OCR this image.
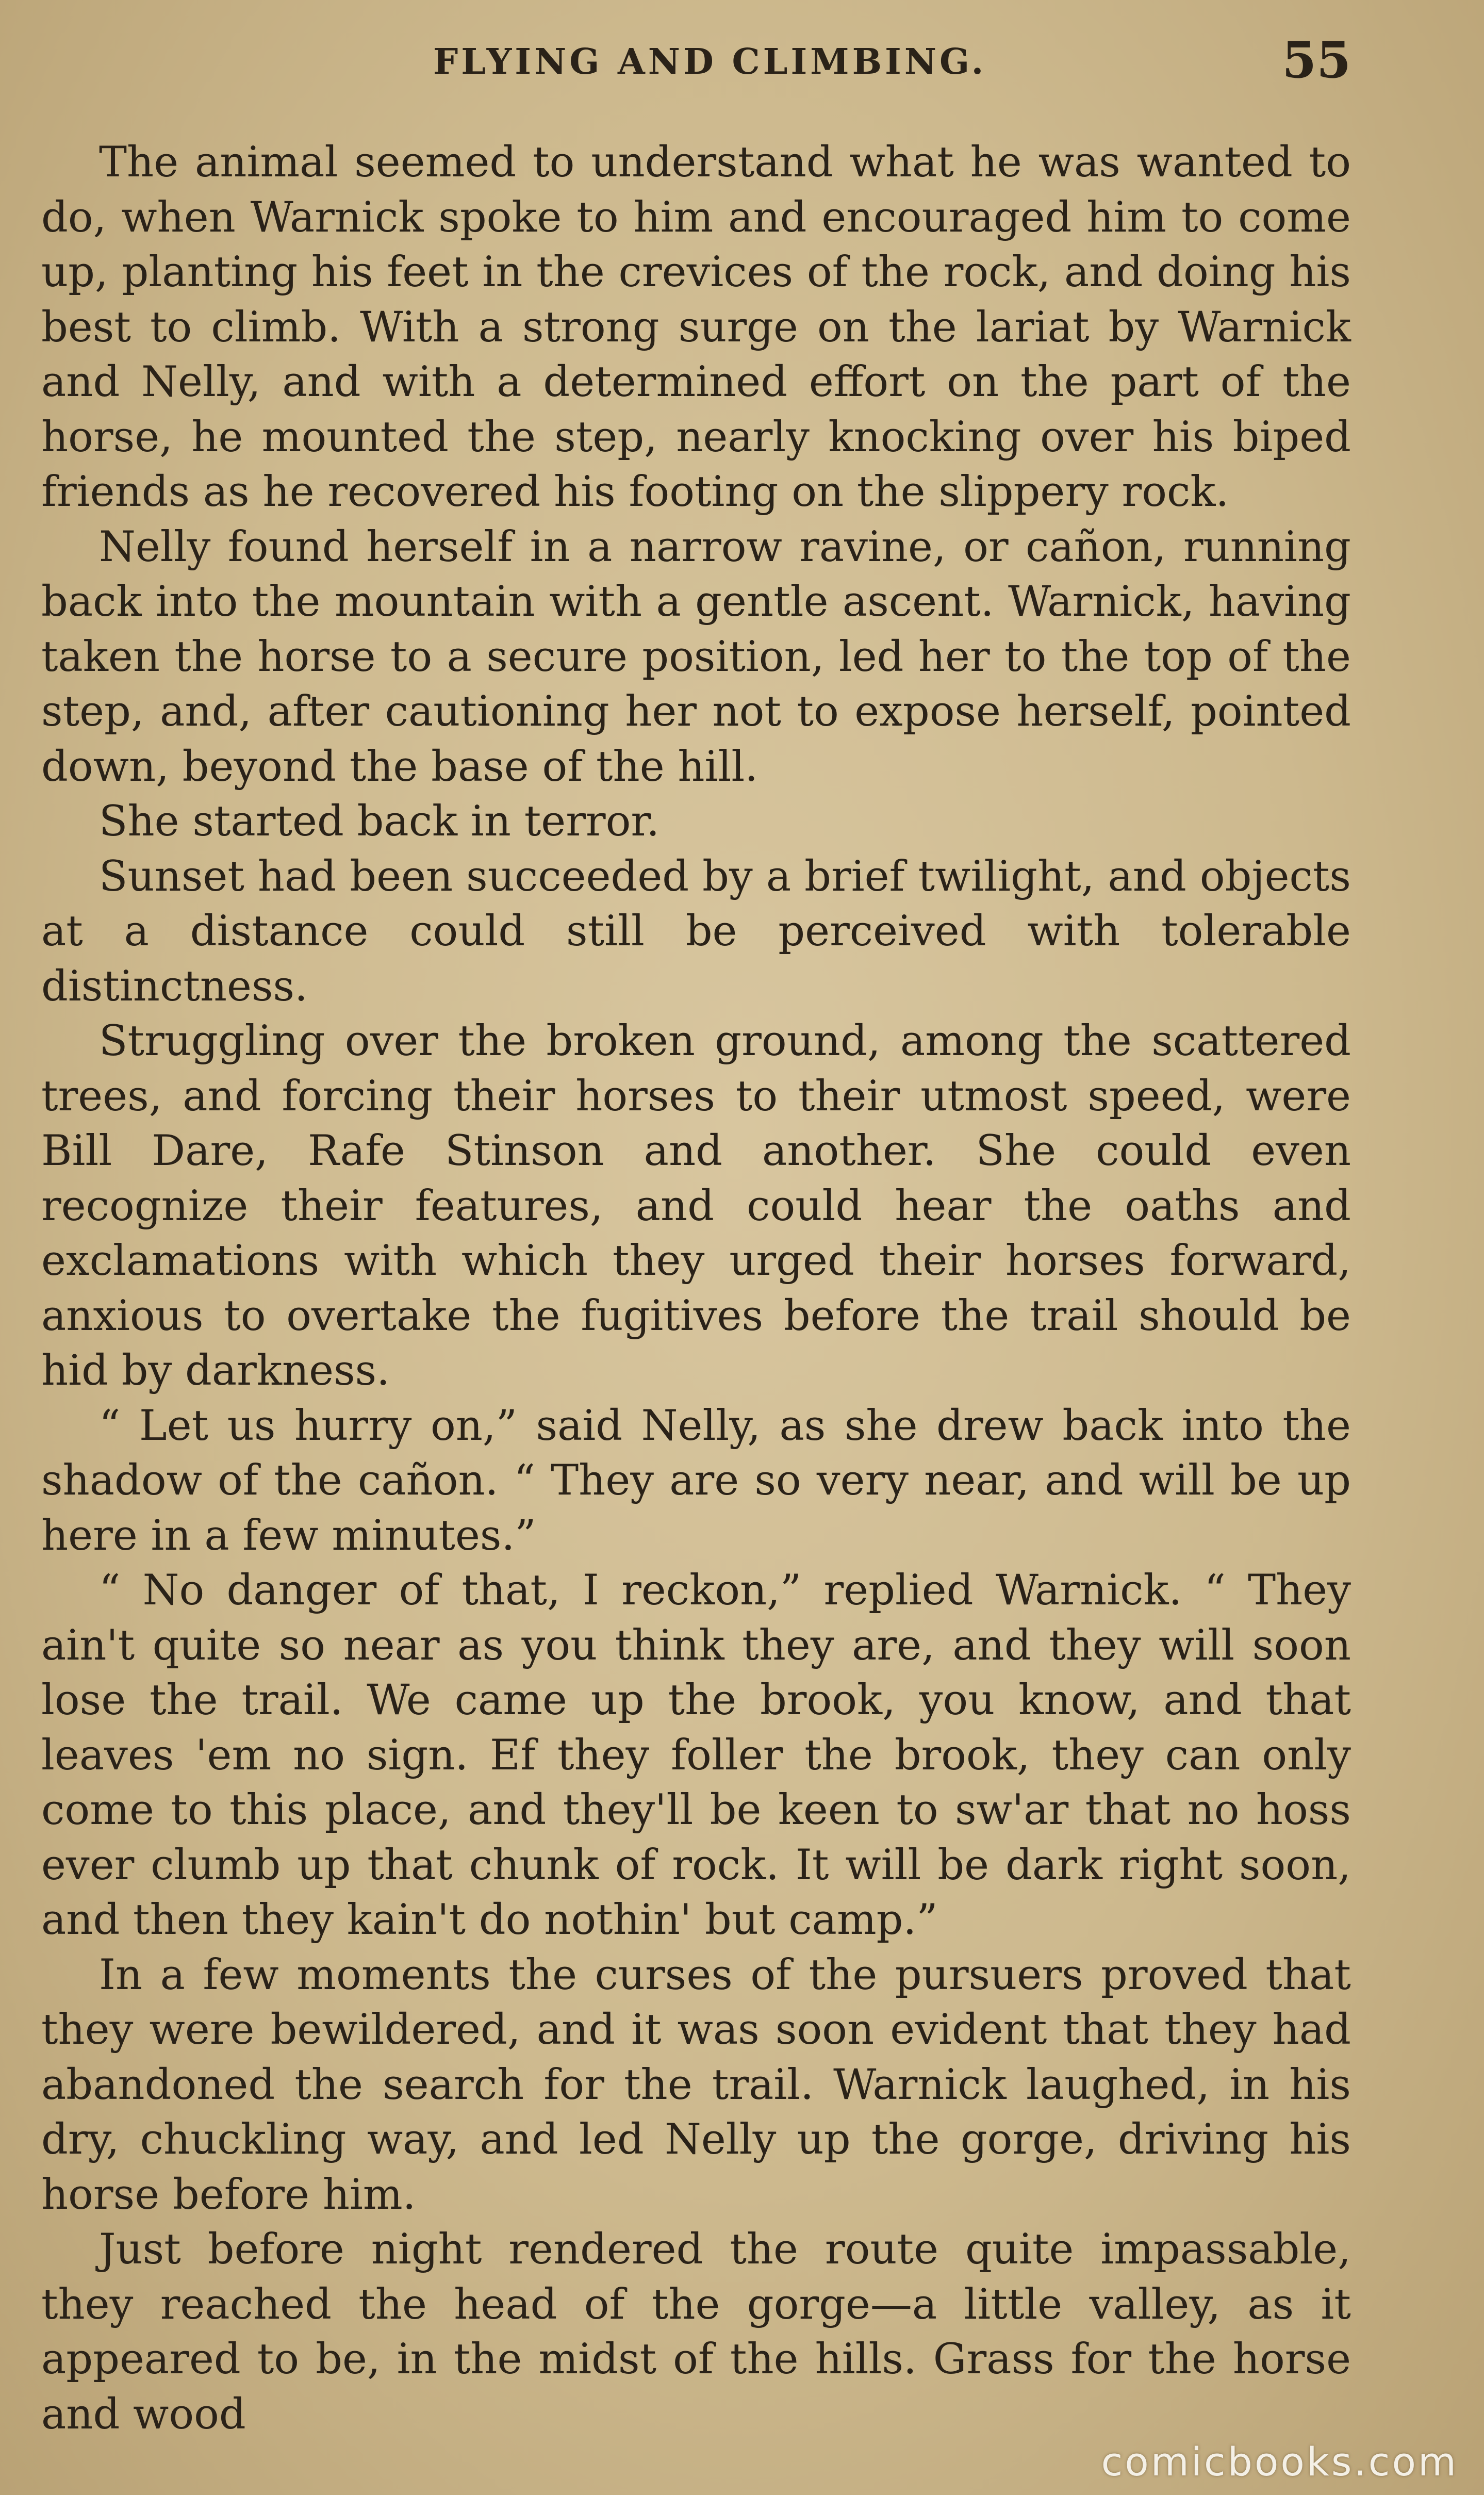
FLYING AND CLIMBING.	55

The animal seemed to understand what he was wanted to do, when Warnick spoke to him and encouraged him to come up, planting his feet in the crevices of the rock, and doing his best to climb. With a strong surge on the lariat by Warnick and Nelly, and with a determined effort on the part of the horse, he mounted the step, nearly knocking over his biped friends as he recovered his footing on the slippery rock.

Nelly found herself in a narrow ravine, or cañon, running back into the mountain with a gentle ascent. Warnick, having taken the horse to a secure position, led her to the top of the step, and, after cautioning her not to expose herself, pointed down, beyond the base of the hill.

She started back in terror.

Sunset had been succeeded by a brief twilight, and objects at a distance could still be perceived with tolerable distinctness.

Struggling over the broken ground, among the scattered trees, and forcing their horses to their utmost speed, were Bill Dare, Rafe Stinson and another. She could even recognize their features, and could hear the oaths and exclamations with which they urged their horses forward, anxious to overtake the fugitives before the trail should be hid by darkness.

“ Let us hurry on,” said Nelly, as she drew back into the shadow of the cañon. “ They are so very near, and will be up here in a few minutes.”

“ No danger of that, I reckon,” replied Warnick. “ They ain't quite so near as you think they are, and they will soon lose the trail. We came up the brook, you know, and that leaves 'em no sign. Ef they foller the brook, they can only come to this place, and they'll be keen to sw'ar that no hoss ever clumb up that chunk of rock. It will be dark right soon, and then they kain't do nothin' but camp.”

In a few moments the curses of the pursuers proved that they were bewildered, and it was soon evident that they had abandoned the search for the trail. Warnick laughed, in his dry, chuckling way, and led Nelly up the gorge, driving his horse before him.

Just before night rendered the route quite impassable, they reached the head of the gorge—a little valley, as it appeared to be, in the midst of the hills. Grass for the horse and wood

comicbooks.com
